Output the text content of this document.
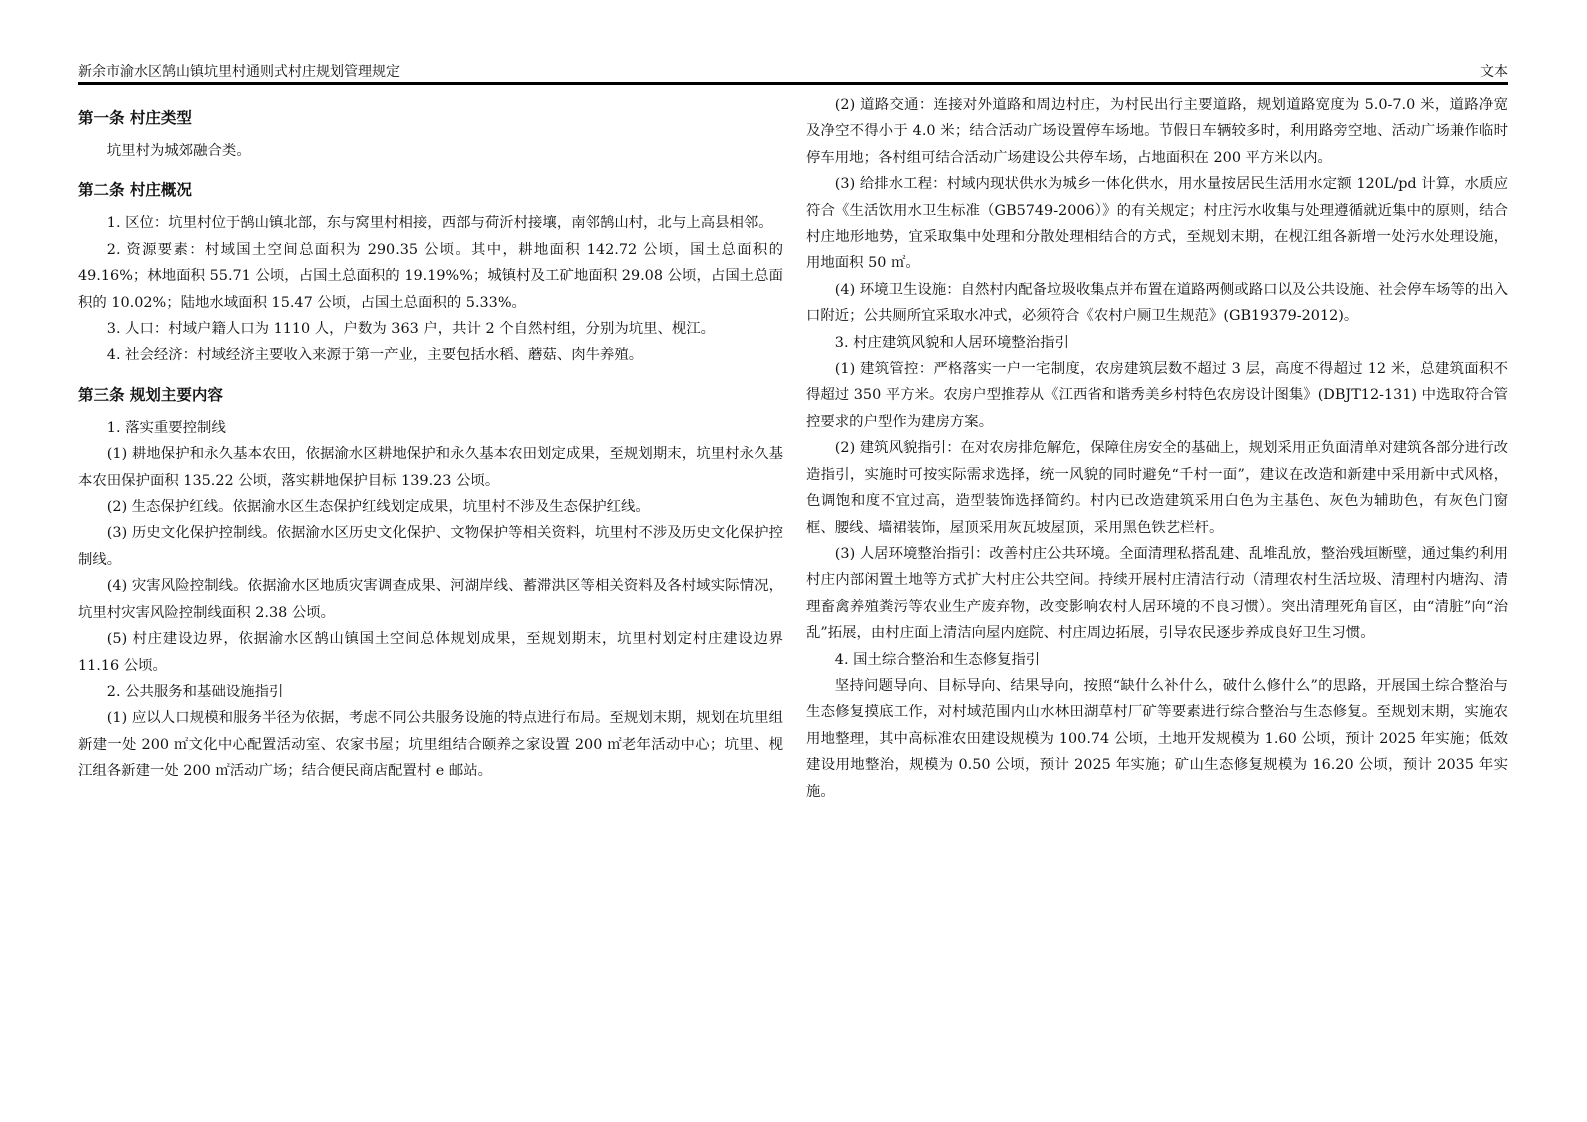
新余市渝水区鹄山镇坑里村通则式村庄规划管理规定	文本
第一条 村庄类型

坑里村为城郊融合类。

第二条 村庄概况

1. 区位：坑里村位于鹄山镇北部，东与窝里村相接，西部与荷沂村接壤，南邻鹄山村，北与上高县相邻。

2. 资源要素：村域国土空间总面积为 290.35 公顷。其中，耕地面积 142.72 公顷，国土总面积的 49.16%；林地面积 55.71 公顷，占国土总面积的 19.19%%；城镇村及工矿地面积 29.08 公顷，占国土总面积的 10.02%；陆地水域面积 15.47 公顷，占国土总面积的 5.33%。

3. 人口：村域户籍人口为 1110 人，户数为 363 户，共计 2 个自然村组，分别为坑里、枧江。

4. 社会经济：村域经济主要收入来源于第一产业，主要包括水稻、蘑菇、肉牛养殖。

第三条 规划主要内容

1. 落实重要控制线

(1) 耕地保护和永久基本农田，依据渝水区耕地保护和永久基本农田划定成果，至规划期末，坑里村永久基本农田保护面积 135.22 公顷，落实耕地保护目标 139.23 公顷。

(2) 生态保护红线。依据渝水区生态保护红线划定成果，坑里村不涉及生态保护红线。

(3) 历史文化保护控制线。依据渝水区历史文化保护、文物保护等相关资料，坑里村不涉及历史文化保护控制线。

(4) 灾害风险控制线。依据渝水区地质灾害调查成果、河湖岸线、蓄滞洪区等相关资料及各村域实际情况，坑里村灾害风险控制线面积 2.38 公顷。

(5) 村庄建设边界，依据渝水区鹄山镇国土空间总体规划成果，至规划期末，坑里村划定村庄建设边界 11.16 公顷。

2. 公共服务和基础设施指引

(1) 应以人口规模和服务半径为依据，考虑不同公共服务设施的特点进行布局。至规划末期，规划在坑里组新建一处 200 ㎡文化中心配置活动室、农家书屋；坑里组结合颐养之家设置 200 ㎡老年活动中心；坑里、枧江组各新建一处 200 ㎡活动广场；结合便民商店配置村 e 邮站。

(2) 道路交通：连接对外道路和周边村庄，为村民出行主要道路，规划道路宽度为 5.0-7.0 米，道路净宽及净空不得小于 4.0 米；结合活动广场设置停车场地。节假日车辆较多时，利用路旁空地、活动广场兼作临时停车用地；各村组可结合活动广场建设公共停车场，占地面积在 200 平方米以内。

(3) 给排水工程：村域内现状供水为城乡一体化供水，用水量按居民生活用水定额 120L/pd 计算，水质应符合《生活饮用水卫生标准（GB5749-2006）》的有关规定；村庄污水收集与处理遵循就近集中的原则，结合村庄地形地势，宜采取集中处理和分散处理相结合的方式，至规划末期，在枧江组各新增一处污水处理设施，用地面积 50 ㎡。

(4) 环境卫生设施：自然村内配备垃圾收集点并布置在道路两侧或路口以及公共设施、社会停车场等的出入口附近；公共厕所宜采取水冲式，必须符合《农村户厕卫生规范》(GB19379-2012)。

3. 村庄建筑风貌和人居环境整治指引

(1) 建筑管控：严格落实一户一宅制度，农房建筑层数不超过 3 层，高度不得超过 12 米，总建筑面积不得超过 350 平方米。农房户型推荐从《江西省和谐秀美乡村特色农房设计图集》(DBJT12-131) 中选取符合管控要求的户型作为建房方案。

(2) 建筑风貌指引：在对农房排危解危，保障住房安全的基础上，规划采用正负面清单对建筑各部分进行改造指引，实施时可按实际需求选择，统一风貌的同时避免“千村一面”，建议在改造和新建中采用新中式风格，色调饱和度不宜过高，造型装饰选择简约。村内已改造建筑采用白色为主基色、灰色为辅助色，有灰色门窗框、腰线、墙裙装饰，屋顶采用灰瓦坡屋顶，采用黑色铁艺栏杆。

(3) 人居环境整治指引：改善村庄公共环境。全面清理私搭乱建、乱堆乱放，整治残垣断壁，通过集约利用村庄内部闲置土地等方式扩大村庄公共空间。持续开展村庄清洁行动（清理农村生活垃圾、清理村内塘沟、清理畜禽养殖粪污等农业生产废弃物，改变影响农村人居环境的不良习惯）。突出清理死角盲区，由“清脏”向“治乱”拓展，由村庄面上清洁向屋内庭院、村庄周边拓展，引导农民逐步养成良好卫生习惯。

4. 国土综合整治和生态修复指引

坚持问题导向、目标导向、结果导向，按照“缺什么补什么，破什么修什么”的思路，开展国土综合整治与生态修复摸底工作，对村域范围内山水林田湖草村厂矿等要素进行综合整治与生态修复。至规划末期，实施农用地整理，其中高标准农田建设规模为 100.74 公顷，土地开发规模为 1.60 公顷，预计 2025 年实施；低效建设用地整治，规模为 0.50 公顷，预计 2025 年实施；矿山生态修复规模为 16.20 公顷，预计 2035 年实施。
